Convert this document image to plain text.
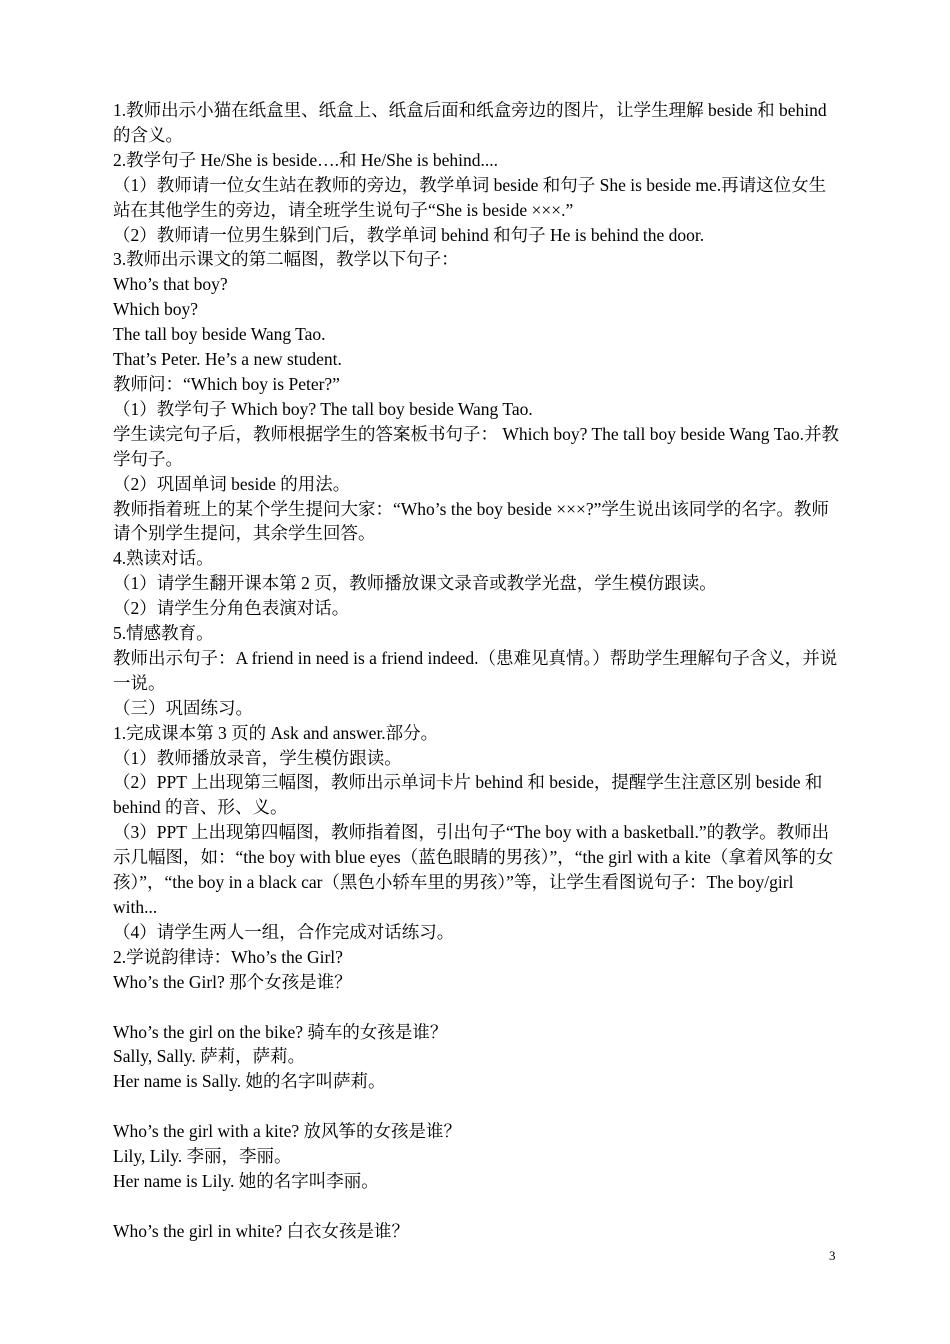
1.教师出示小猫在纸盒里、纸盒上、纸盒后面和纸盒旁边的图片，让学生理解 beside 和 behind 的含义。

2.教学句子 He/She is beside….和 He/She is behind....

（1）教师请一位女生站在教师的旁边，教学单词 beside 和句子 She is beside me.再请这位女生站在其他学生的旁边，请全班学生说句子“She is beside ×××.”

（2）教师请一位男生躲到门后，教学单词 behind 和句子 He is behind the door.

3.教师出示课文的第二幅图，教学以下句子：

Who’s that boy?

Which boy?

The tall boy beside Wang Tao.

That’s Peter. He’s a new student.

教师问：“Which boy is Peter?”

（1）教学句子 Which boy? The tall boy beside Wang Tao.

学生读完句子后，教师根据学生的答案板书句子： Which boy? The tall boy beside Wang Tao.并教学句子。

（2）巩固单词 beside 的用法。

教师指着班上的某个学生提问大家：“Who’s the boy beside ×××?”学生说出该同学的名字。教师请个别学生提问，其余学生回答。

4.熟读对话。

（1）请学生翻开课本第 2 页，教师播放课文录音或教学光盘，学生模仿跟读。

（2）请学生分角色表演对话。

5.情感教育。

教师出示句子：A friend in need is a friend indeed.（患难见真情。）帮助学生理解句子含义，并说一说。

（三）巩固练习。

1.完成课本第 3 页的 Ask and answer.部分。

（1）教师播放录音，学生模仿跟读。

（2）PPT 上出现第三幅图，教师出示单词卡片 behind 和 beside，提醒学生注意区别 beside 和 behind 的音、形、义。

（3）PPT 上出现第四幅图，教师指着图，引出句子“The boy with a basketball.”的教学。教师出示几幅图，如：“the boy with blue eyes（蓝色眼睛的男孩）”，“the girl with a kite（拿着风筝的女孩）”，“the boy in a black car（黑色小轿车里的男孩）”等，让学生看图说句子：The boy/girl with...

（4）请学生两人一组，合作完成对话练习。

2.学说韵律诗：Who’s the Girl?

Who’s the Girl? 那个女孩是谁？

Who’s the girl on the bike? 骑车的女孩是谁？

Sally, Sally. 萨莉，萨莉。

Her name is Sally. 她的名字叫萨莉。

Who’s the girl with a kite? 放风筝的女孩是谁？

Lily, Lily. 李丽，李丽。

Her name is Lily. 她的名字叫李丽。

Who’s the girl in white? 白衣女孩是谁？

3
